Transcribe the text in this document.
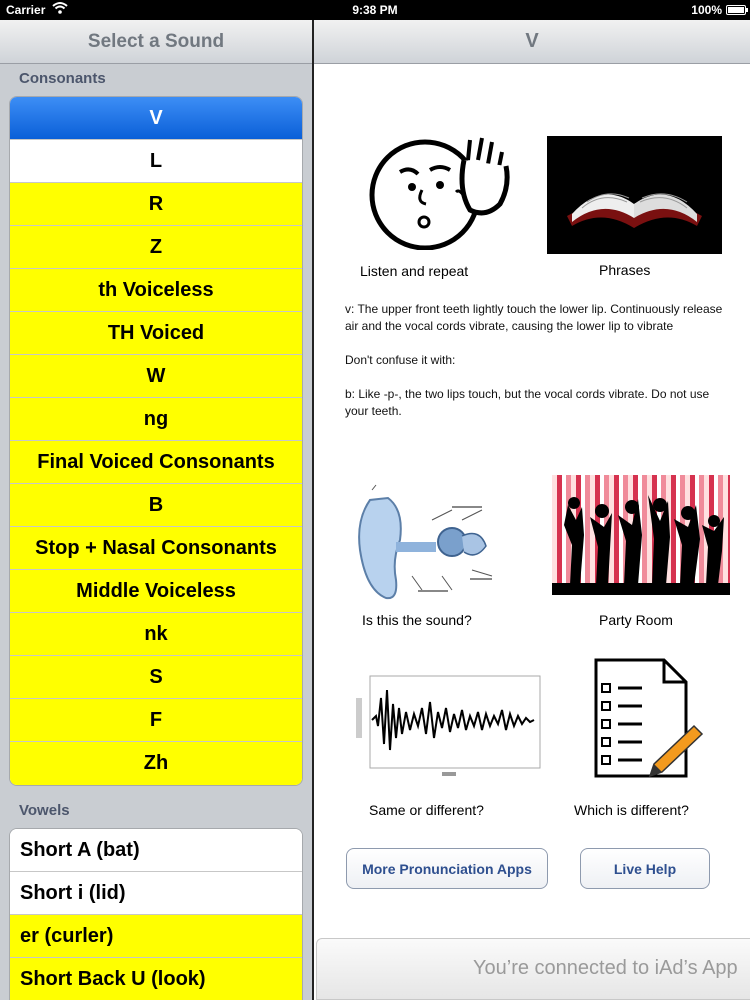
Carrier	9:38 PM	100%
Select a Sound
Consonants
V
L
R
Z
th Voiceless
TH Voiced
W
ng
Final Voiced Consonants
B
Stop + Nasal Consonants
Middle Voiceless
nk
S
F
Zh
Vowels
Short A (bat)
Short i (lid)
er (curler)
Short Back U (look)
V
Listen and repeat	Phrases

v: The upper front teeth lightly touch the lower lip. Continuously release air and the vocal cords vibrate, causing the lower lip to vibrate

Don't confuse it with:

b: Like -p-, the two lips touch, but the vocal cords vibrate. Do not use your teeth.

Is this the sound?	Party Room
Same or different?	Which is different?
More Pronunciation Apps	Live Help
You’re connected to iAd’s App
